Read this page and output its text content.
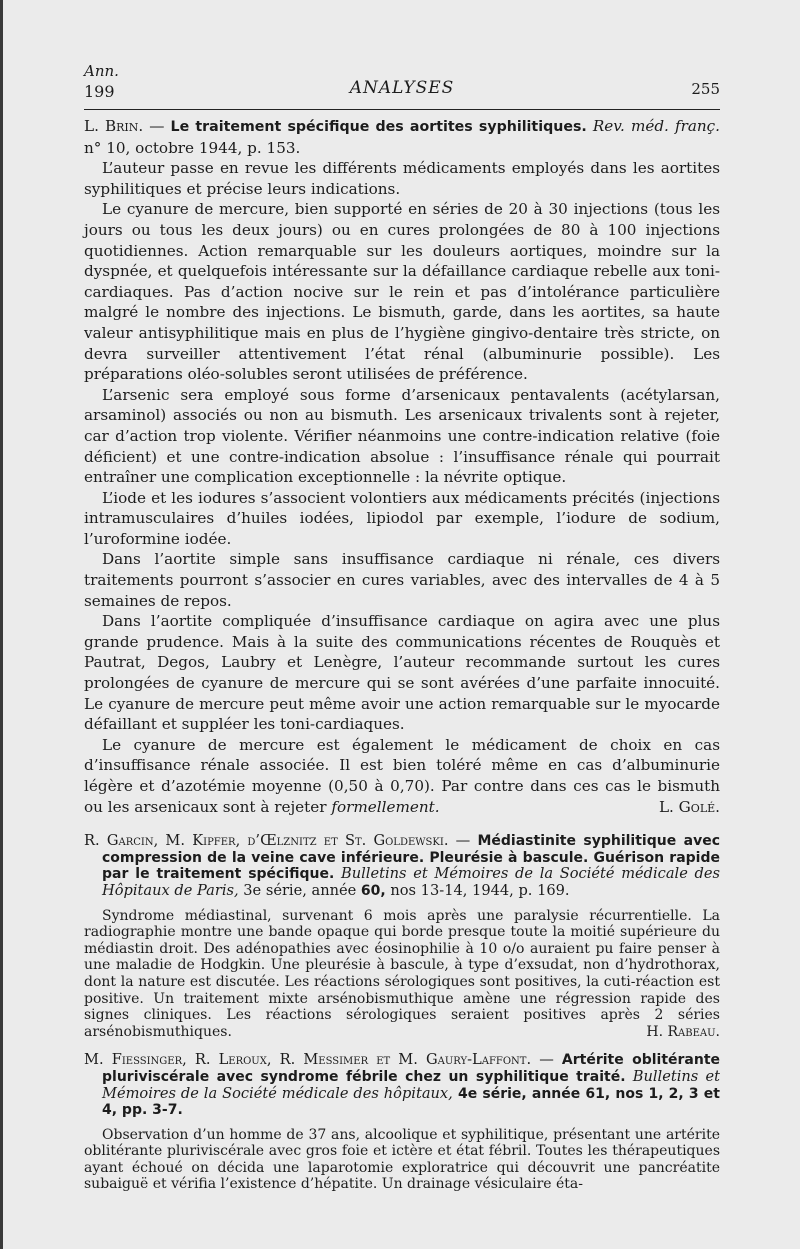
Ann.
199	ANALYSES	255

L. Brin. — Le traitement spécifique des aortites syphilitiques. Rev. méd. franç. n° 10, octobre 1944, p. 153.

L’auteur passe en revue les différents médicaments employés dans les aortites syphilitiques et précise leurs indications.

Le cyanure de mercure, bien supporté en séries de 20 à 30 injections (tous les jours ou tous les deux jours) ou en cures prolongées de 80 à 100 injections quotidiennes. Action remarquable sur les douleurs aortiques, moindre sur la dyspnée, et quelquefois intéressante sur la défaillance cardiaque rebelle aux toni-cardiaques. Pas d’action nocive sur le rein et pas d’intolérance particulière malgré le nombre des injections. Le bismuth, garde, dans les aortites, sa haute valeur antisyphilitique mais en plus de l’hygiène gingivo-dentaire très stricte, on devra surveiller attentivement l’état rénal (albuminurie possible). Les préparations oléo-solubles seront utilisées de préférence.

L’arsenic sera employé sous forme d’arsenicaux pentavalents (acétylarsan, arsaminol) associés ou non au bismuth. Les arsenicaux trivalents sont à rejeter, car d’action trop violente. Vérifier néanmoins une contre-indication relative (foie déficient) et une contre-indication absolue : l’insuffisance rénale qui pourrait entraîner une complication exceptionnelle : la névrite optique.

L’iode et les iodures s’associent volontiers aux médicaments précités (injections intramusculaires d’huiles iodées, lipiodol par exemple, l’iodure de sodium, l’uroformine iodée.

Dans l’aortite simple sans insuffisance cardiaque ni rénale, ces divers traitements pourront s’associer en cures variables, avec des intervalles de 4 à 5 semaines de repos.

Dans l’aortite compliquée d’insuffisance cardiaque on agira avec une plus grande prudence. Mais à la suite des communications récentes de Rouquès et Pautrat, Degos, Laubry et Lenègre, l’auteur recommande surtout les cures prolongées de cyanure de mercure qui se sont avérées d’une parfaite innocuité. Le cyanure de mercure peut même avoir une action remarquable sur le myocarde défaillant et suppléer les toni-cardiaques.

Le cyanure de mercure est également le médicament de choix en cas d’insuffisance rénale associée. Il est bien toléré même en cas d’albuminurie légère et d’azotémie moyenne (0,50 à 0,70). Par contre dans ces cas le bismuth ou les arsenicaux sont à rejeter formellement.	L. Golé.

R. Garcin, M. Kipfer, d’Œlznitz et St. Goldewski. — Médiastinite syphilitique avec compression de la veine cave inférieure. Pleurésie à bascule. Guérison rapide par le traitement spécifique. Bulletins et Mémoires de la Société médicale des Hôpitaux de Paris, 3e série, année 60, nos 13-14, 1944, p. 169.

Syndrome médiastinal, survenant 6 mois après une paralysie récurrentielle. La radiographie montre une bande opaque qui borde presque toute la moitié supérieure du médiastin droit. Des adénopathies avec éosinophilie à 10 o/o auraient pu faire penser à une maladie de Hodgkin. Une pleurésie à bascule, à type d’exsudat, non d’hydrothorax, dont la nature est discutée. Les réactions sérologiques sont positives, la cuti-réaction est positive. Un traitement mixte arsénobismuthique amène une régression rapide des signes cliniques. Les réactions sérologiques seraient positives après 2 séries arsénobismuthiques.	H. Rabeau.

M. Fiessinger, R. Leroux, R. Messimer et M. Gaury-Laffont. — Artérite oblitérante pluriviscérale avec syndrome fébrile chez un syphilitique traité. Bulletins et Mémoires de la Société médicale des hôpitaux, 4e série, année 61, nos 1, 2, 3 et 4, pp. 3-7.

Observation d’un homme de 37 ans, alcoolique et syphilitique, présentant une artérite oblitérante pluriviscérale avec gros foie et ictère et état fébril. Toutes les thérapeutiques ayant échoué on décida une laparotomie exploratrice qui découvrit une pancréatite subaiguë et vérifia l’existence d’hépatite. Un drainage vésiculaire éta-
